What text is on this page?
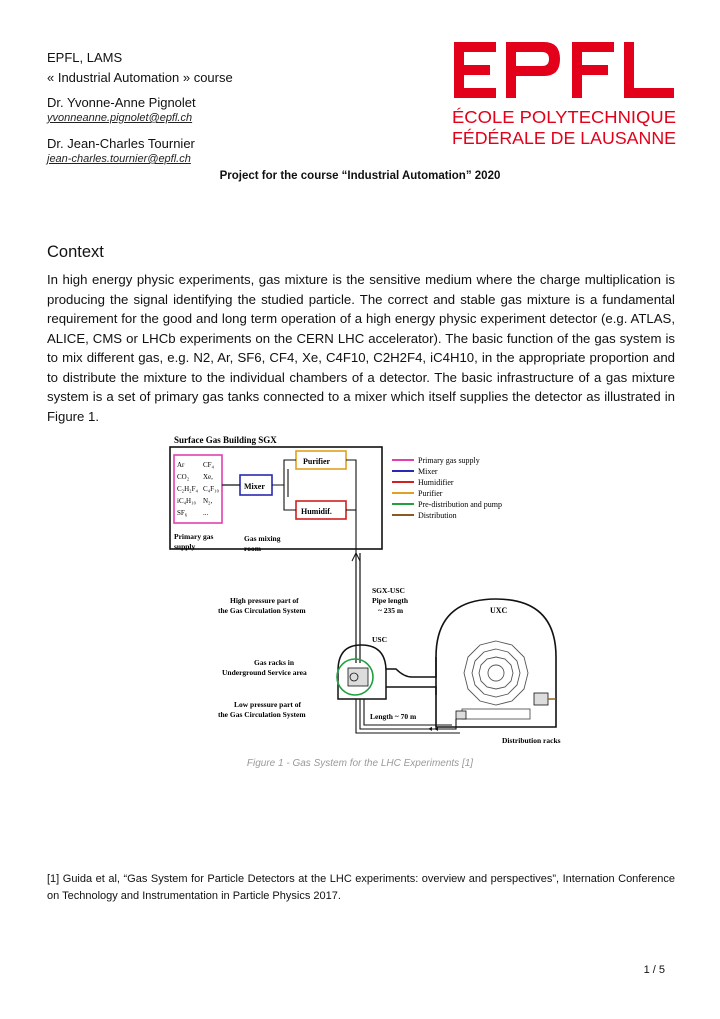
EPFL, LAMS
« Industrial Automation » course
Dr. Yvonne-Anne Pignolet
yvonneanne.pignolet@epfl.ch
Dr. Jean-Charles Tournier
jean-charles.tournier@epfl.ch
ÉCOLE POLYTECHNIQUE
FÉDÉRALE DE LAUSANNE
Project for the course “Industrial Automation” 2020
Context
In high energy physic experiments, gas mixture is the sensitive medium where the charge multiplication is producing the signal identifying the studied particle. The correct and stable gas mixture is a fundamental requirement for the good and long term operation of a high energy physic experiment detector (e.g. ATLAS, ALICE, CMS or LHCb experiments on the CERN LHC accelerator). The basic function of the gas system is to mix different gas, e.g. N2, Ar, SF6, CF4, Xe, C4F10, C2H2F4, iC4H10, in the appropriate proportion and to distribute the mixture to the individual chambers of a detector. The basic infrastructure of a gas mixture system is a set of primary gas tanks connected to a mixer which itself supplies the detector as illustrated in Figure 1.
Surface Gas Building SGX
Ar
CO₂
C₂H₂F₄
iC₄H₁₀
SF₆
CF₄
Xe,
C₄F₁₀
N₂,
...
Mixer
Purifier
Humidif.
Primary gas
supply
Gas mixing
room
Primary gas supply
Mixer
Humidifier
Purifier
Pre-distribution and pump
Distribution
SGX-USC
Pipe length
~ 235 m
High pressure part of
the Gas Circulation System
USC
UXC
◂ ◂
Gas racks in
Underground Service area
Low pressure part of
the Gas Circulation System	Length ~ 70 m
Distribution racks
Figure 1 - Gas System for the LHC Experiments [1]
[1] Guida et al, “Gas System for Particle Detectors at the LHC experiments: overview and perspectives”, Internation Conference on Technology and Instrumentation in Particle Physics 2017.
1 / 5
